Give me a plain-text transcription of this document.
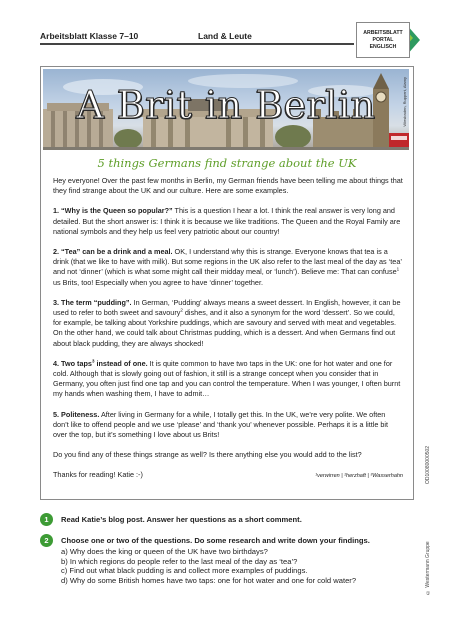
Arbeitsblatt Klasse 7–10	Land & Leute	ARBEITSBLATT
PORTAL
ENGLISCH
A Brit in Berlin	Wiesbaden, Ruppert, Alamy
5 things Germans find strange about the UK

Hey everyone! Over the past few months in Berlin, my German friends have been telling me about things that they find strange about the UK and our culture. Here are some examples.

1. “Why is the Queen so popular?” This is a question I hear a lot. I think the real answer is very long and detailed. But the short answer is: I think it is because we like traditions. The Queen and the Royal Family are national symbols and they help us feel very patriotic about our country!

2. “Tea” can be a drink and a meal. OK, I understand why this is strange. Everyone knows that tea is a drink (that we like to have with milk). But some regions in the UK also refer to the last meal of the day as ‘tea’ and not ‘dinner’ (which is what some might call their midday meal, or ‘lunch’). Believe me: That can confuse$^1$ us Brits, too! Especially when you agree to have ‘dinner’ together.

3. The term “pudding”. In German, ‘Pudding’ always means a sweet dessert. In English, however, it can be used to refer to both sweet and savoury$^2$ dishes, and it also a synonym for the word ‘dessert’. So we could, for example, be talking about Yorkshire puddings, which are savoury and served with meat and vegetables. On the other hand, we could talk about Christmas pudding, which is a dessert. And when Germans find out about black pudding, they are always shocked!

4. Two taps$^3$ instead of one. It is quite common to have two taps in the UK: one for hot water and one for cold. Although that is slowly going out of fashion, it still is a strange concept when you consider that in Germany, you often just find one tap and you can control the temperature. When I was younger, I often burnt my hands when washing them, I have to admit…

5. Politeness. After living in Germany for a while, I totally get this. In the UK, we’re very polite. We often don’t like to offend people and we use ‘please’ and ‘thank you’ whenever possible. Perhaps it is a little bit over the top, but it’s something I love about us Brits!

Do you find any of these things strange as well? Is there anything else you would add to the list?

Thanks for reading! Katie :-)	¹verwirren | ²herzhaft | ³Wasserhahn	OD10080000502
© Westermann Gruppe
1	Read Katie’s blog post. Answer her questions as a short comment.
2	Choose one or two of the questions. Do some research and write down your findings.
a) Why does the king or queen of the UK have two birthdays?
b) In which regions do people refer to the last meal of the day as ‘tea’?
c) Find out what black pudding is and collect more examples of puddings.
d) Why do some British homes have two taps: one for hot water and one for cold water?
